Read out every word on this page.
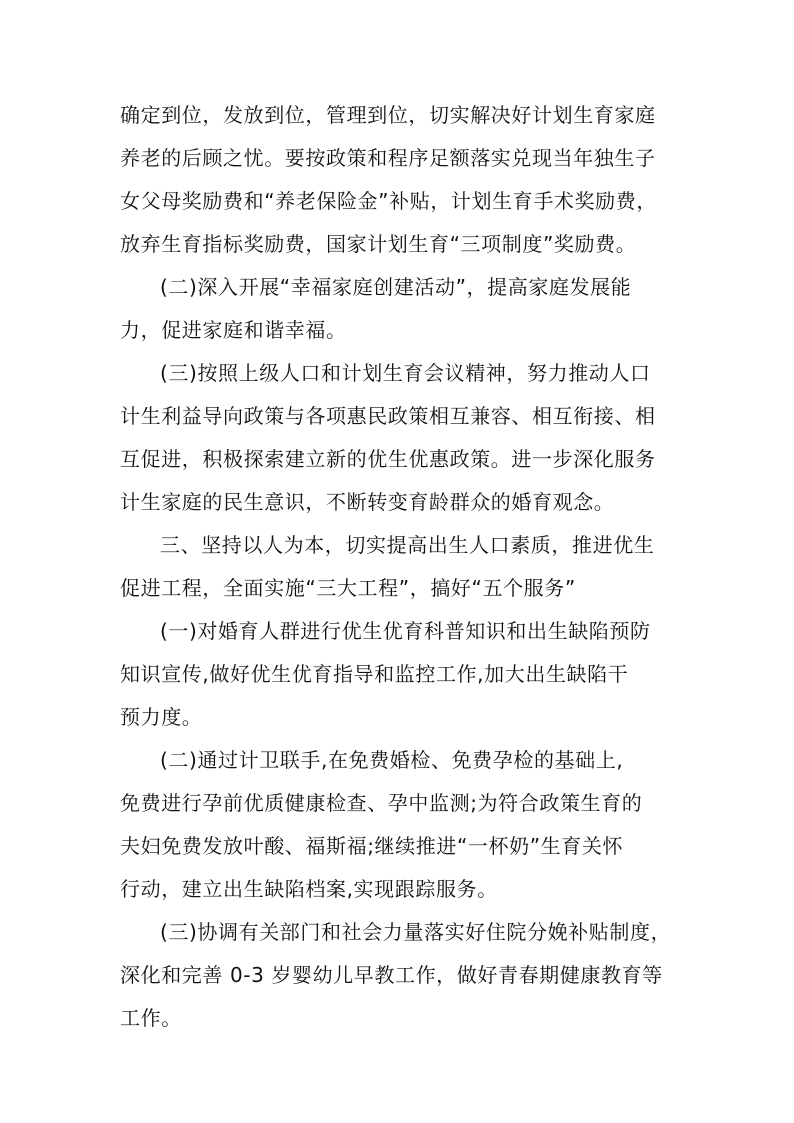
确定到位，发放到位，管理到位，切实解决好计划生育家庭
养老的后顾之忧。要按政策和程序足额落实兑现当年独生子
女父母奖励费和“养老保险金”补贴，计划生育手术奖励费，
放弃生育指标奖励费，国家计划生育“三项制度”奖励费。
(二)深入开展“幸福家庭创建活动”，提高家庭发展能
力，促进家庭和谐幸福。
(三)按照上级人口和计划生育会议精神，努力推动人口
计生利益导向政策与各项惠民政策相互兼容、相互衔接、相
互促进，积极探索建立新的优生优惠政策。进一步深化服务
计生家庭的民生意识，不断转变育龄群众的婚育观念。
三、坚持以人为本，切实提高出生人口素质，推进优生
促进工程，全面实施“三大工程”，搞好“五个服务”
(一)对婚育人群进行优生优育科普知识和出生缺陷预防
知识宣传,做好优生优育指导和监控工作,加大出生缺陷干
预力度。
(二)通过计卫联手,在免费婚检、免费孕检的基础上,
免费进行孕前优质健康检查、孕中监测;为符合政策生育的
夫妇免费发放叶酸、福斯福;继续推进“一杯奶”生育关怀
行动，建立出生缺陷档案,实现跟踪服务。
(三)协调有关部门和社会力量落实好住院分娩补贴制度，
深化和完善 0-3 岁婴幼儿早教工作，做好青春期健康教育等
工作。
